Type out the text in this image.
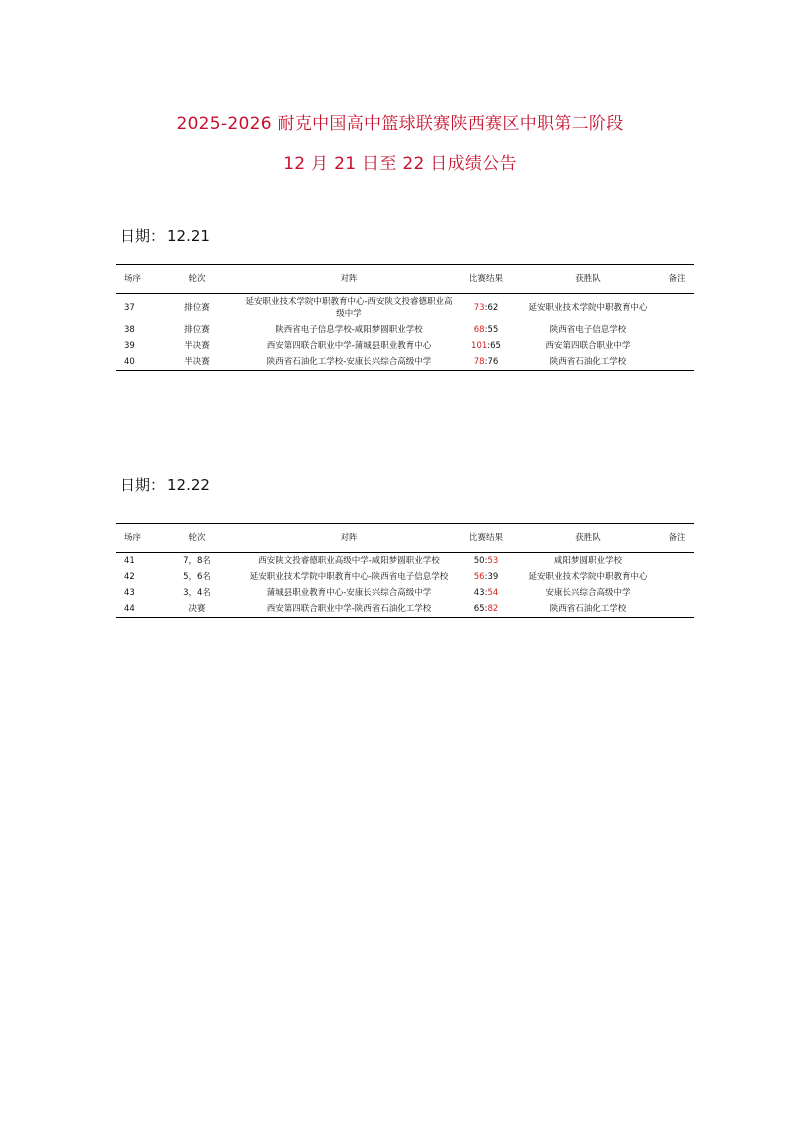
2025-2026 耐克中国高中篮球联赛陕西赛区中职第二阶段
12 月 21 日至 22 日成绩公告
日期： 12.21
场序	轮次	对阵	比赛结果	获胜队	备注
37	排位赛	延安职业技术学院中职教育中心-西安陕文投睿德职业高级中学	73:62	延安职业技术学院中职教育中心	
38	排位赛	陕西省电子信息学校-咸阳梦圆职业学校	68:55	陕西省电子信息学校	
39	半决赛	西安第四联合职业中学-蒲城县职业教育中心	101:65	西安第四联合职业中学	
40	半决赛	陕西省石油化工学校-安康长兴综合高级中学	78:76	陕西省石油化工学校	
日期： 12.22
场序	轮次	对阵	比赛结果	获胜队	备注
41	7，8名	西安陕文投睿德职业高级中学-咸阳梦圆职业学校	50:53	咸阳梦圆职业学校	
42	5，6名	延安职业技术学院中职教育中心-陕西省电子信息学校	56:39	延安职业技术学院中职教育中心	
43	3，4名	蒲城县职业教育中心-安康长兴综合高级中学	43:54	安康长兴综合高级中学	
44	决赛	西安第四联合职业中学-陕西省石油化工学校	65:82	陕西省石油化工学校	
